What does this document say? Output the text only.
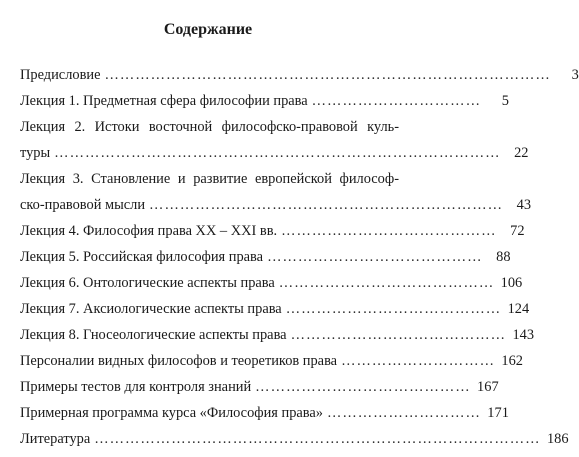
Содержание
Предисловие ……………………………………………………………………………	3
Лекция 1. Предметная сфера философии права ……………………………	5
Лекция 2. Истоки восточной философско-правовой куль-
туры …………………………………………………………………………… 22
Лекция 3. Становление и развитие европейской философ-
ско-правовой мысли …………………………………………………………… 43
Лекция 4. Философия права XX – XXI вв. …………………………………… 72
Лекция 5. Российская философия права …………………………………… 88
Лекция 6. Онтологические аспекты права …………………………………… 106
Лекция 7. Аксиологические аспекты права …………………………………… 124
Лекция 8. Гносеологические аспекты права …………………………………… 143
Персоналии видных философов и теоретиков права ………………………… 162
Примеры тестов для контроля знаний …………………………………… 167
Примерная программа курса «Философия права» ………………………… 171
Литература …………………………………………………………………………… 186
